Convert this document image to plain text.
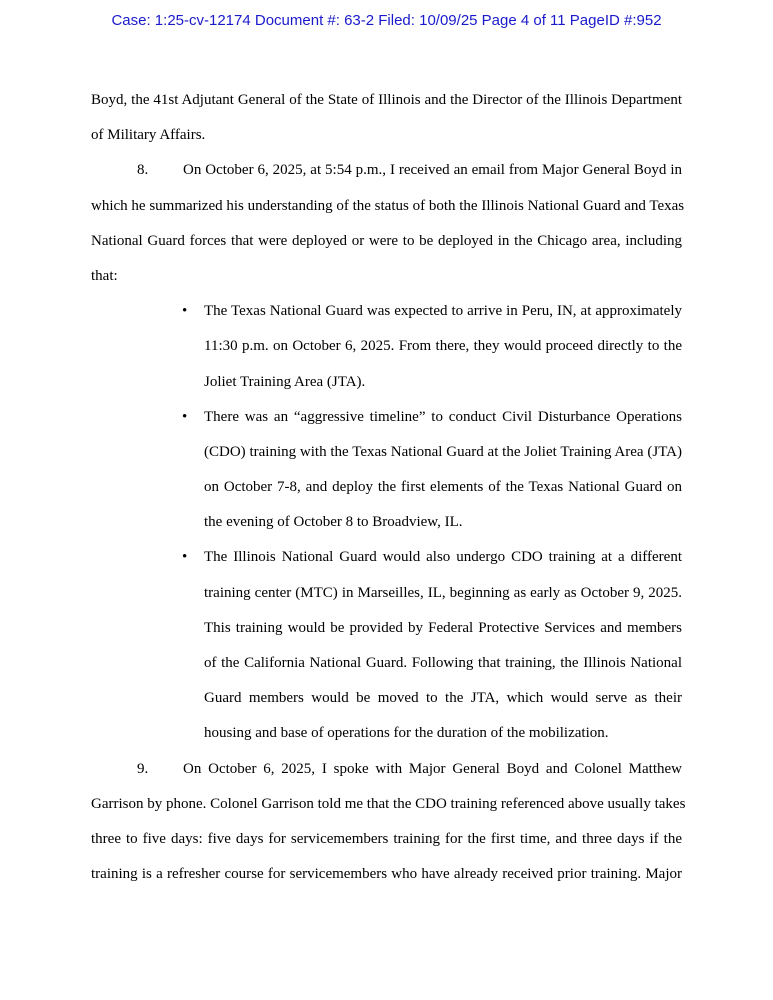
Case: 1:25-cv-12174 Document #: 63-2 Filed: 10/09/25 Page 4 of 11 PageID #:952
Boyd, the 41st Adjutant General of the State of Illinois and the Director of the Illinois Department
of Military Affairs.
8.	On October 6, 2025, at 5:54 p.m., I received an email from Major General Boyd in
which he summarized his understanding of the status of both the Illinois National Guard and Texas
National Guard forces that were deployed or were to be deployed in the Chicago area, including
that:
• The Texas National Guard was expected to arrive in Peru, IN, at approximately
11:30 p.m. on October 6, 2025. From there, they would proceed directly to the
Joliet Training Area (JTA).
• There was an “aggressive timeline” to conduct Civil Disturbance Operations
(CDO) training with the Texas National Guard at the Joliet Training Area (JTA)
on October 7-8, and deploy the first elements of the Texas National Guard on
the evening of October 8 to Broadview, IL.
• The Illinois National Guard would also undergo CDO training at a different
training center (MTC) in Marseilles, IL, beginning as early as October 9, 2025.
This training would be provided by Federal Protective Services and members
of the California National Guard. Following that training, the Illinois National
Guard members would be moved to the JTA, which would serve as their
housing and base of operations for the duration of the mobilization.
9.	On October 6, 2025, I spoke with Major General Boyd and Colonel Matthew
Garrison by phone. Colonel Garrison told me that the CDO training referenced above usually takes
three to five days: five days for servicemembers training for the first time, and three days if the
training is a refresher course for servicemembers who have already received prior training. Major
